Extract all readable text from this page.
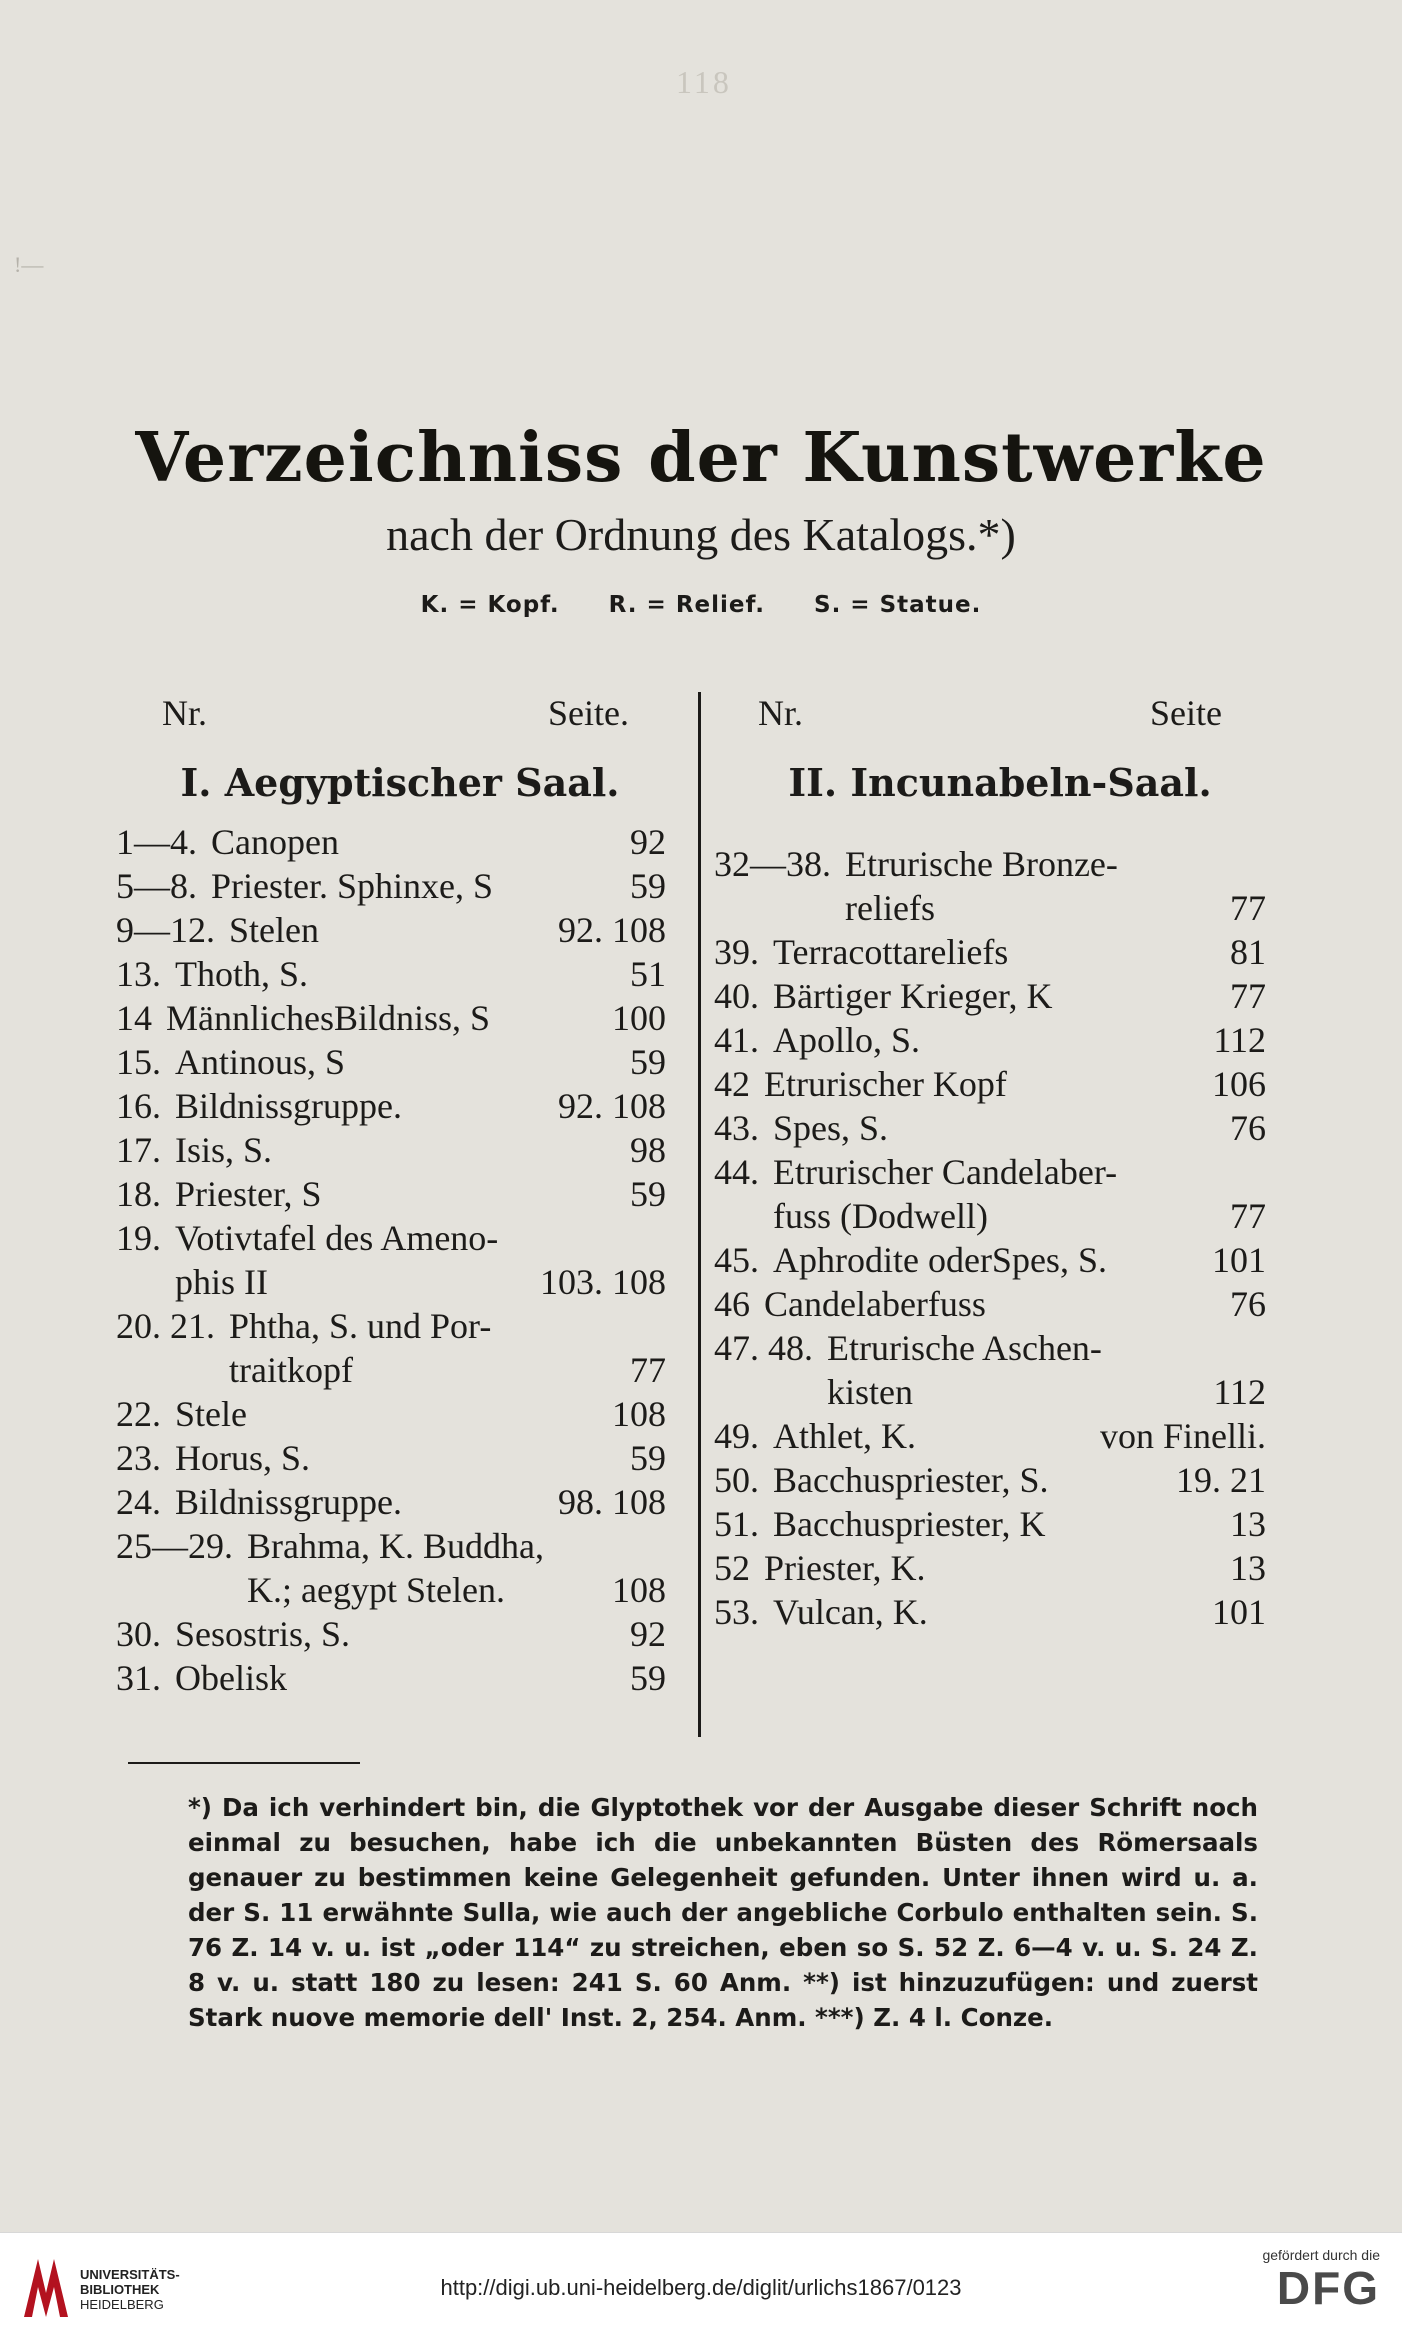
118
!—
Verzeichniss der Kunstwerke
nach der Ordnung des Katalogs.*)
K. = Kopf. R. = Relief. S. = Statue.
Nr.	Seite.
I. Aegyptischer Saal.
1—4. Canopen	92
5—8. Priester. Sphinxe, S	59
9—12. Stelen	92. 108
13. Thoth, S.	51
14 MännlichesBildniss, S	100
15. Antinous, S	59
16. Bildnissgruppe.	92. 108
17. Isis, S.	98
18. Priester, S	59
19. Votivtafel des Ameno-
phis II	103. 108
20. 21. Phtha, S. und Por-
traitkopf	77
22. Stele	108
23. Horus, S.	59
24. Bildnissgruppe.	98. 108
25—29. Brahma, K. Buddha,
K.; aegypt Stelen.	108
30. Sesostris, S.	92
31. Obelisk	59
Nr.	Seite
II. Incunabeln-Saal.
32—38. Etrurische Bronze-
reliefs	77
39. Terracottareliefs	81
40. Bärtiger Krieger, K	77
41. Apollo, S.	112
42 Etrurischer Kopf	106
43. Spes, S.	76
44. Etrurischer Candelaber-
fuss (Dodwell)	77
45. Aphrodite oderSpes, S.	101
46 Candelaberfuss	76
47. 48. Etrurische Aschen-
kisten	112
49. Athlet, K.	von Finelli.
50. Bacchuspriester, S.	19. 21
51. Bacchuspriester, K	13
52 Priester, K.	13
53. Vulcan, K.	101
*) Da ich verhindert bin, die Glyptothek vor der Ausgabe dieser Schrift noch einmal zu besuchen, habe ich die unbekannten Büsten des Römersaals genauer zu bestimmen keine Gelegenheit gefunden. Unter ihnen wird u. a. der S. 11 erwähnte Sulla, wie auch der angebliche Corbulo enthalten sein. S. 76 Z. 14 v. u. ist „oder 114“ zu streichen, eben so S. 52 Z. 6—4 v. u. S. 24 Z. 8 v. u. statt 180 zu lesen: 241 S. 60 Anm. **) ist hinzuzufügen: und zuerst Stark nuove memorie dell' Inst. 2, 254. Anm. ***) Z. 4 l. Conze.
UNIVERSITÄTS-
BIBLIOTHEK
HEIDELBERG
http://digi.ub.uni-heidelberg.de/diglit/urlichs1867/0123
gefördert durch die
DFG
